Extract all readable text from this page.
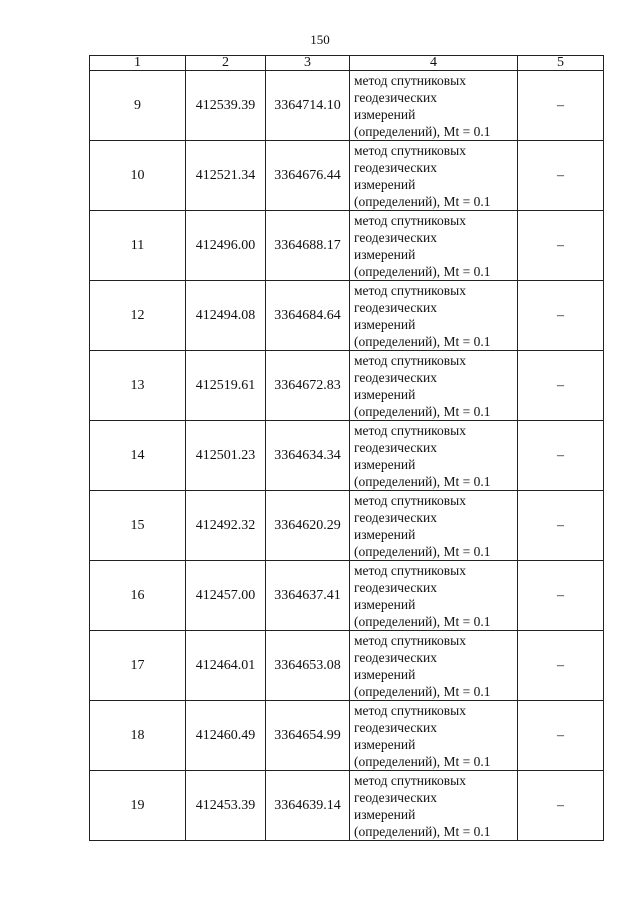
150
1	2	3	4	5
9	412539.39	3364714.10	метод спутниковых
геодезических
измерений
(определений), Mt = 0.1	–
10	412521.34	3364676.44	метод спутниковых
геодезических
измерений
(определений), Mt = 0.1	–
11	412496.00	3364688.17	метод спутниковых
геодезических
измерений
(определений), Mt = 0.1	–
12	412494.08	3364684.64	метод спутниковых
геодезических
измерений
(определений), Mt = 0.1	–
13	412519.61	3364672.83	метод спутниковых
геодезических
измерений
(определений), Mt = 0.1	–
14	412501.23	3364634.34	метод спутниковых
геодезических
измерений
(определений), Mt = 0.1	–
15	412492.32	3364620.29	метод спутниковых
геодезических
измерений
(определений), Mt = 0.1	–
16	412457.00	3364637.41	метод спутниковых
геодезических
измерений
(определений), Mt = 0.1	–
17	412464.01	3364653.08	метод спутниковых
геодезических
измерений
(определений), Mt = 0.1	–
18	412460.49	3364654.99	метод спутниковых
геодезических
измерений
(определений), Mt = 0.1	–
19	412453.39	3364639.14	метод спутниковых
геодезических
измерений
(определений), Mt = 0.1	–
